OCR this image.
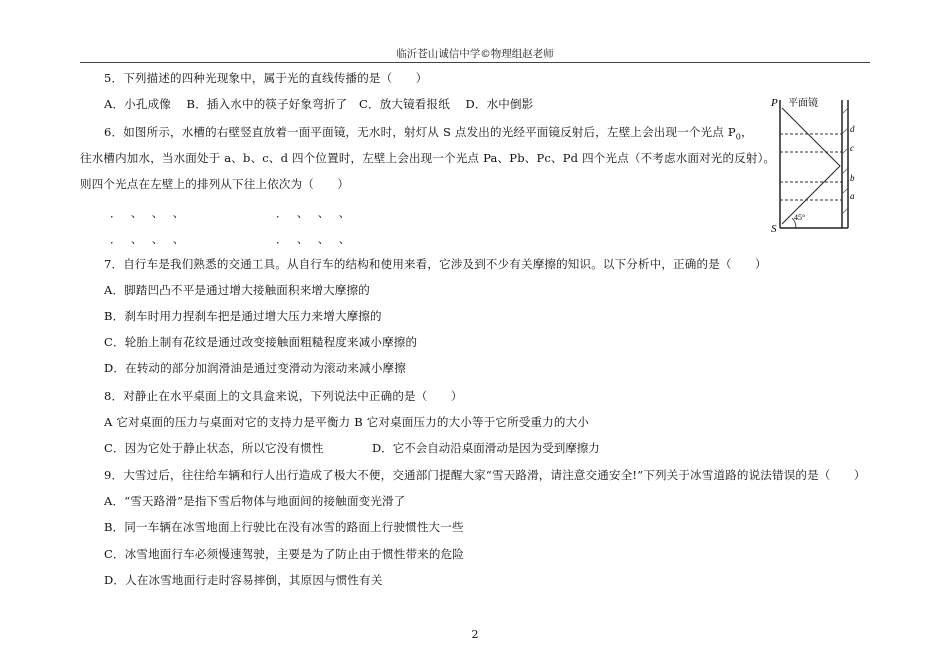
临沂苍山诚信中学©物理组赵老师
5．下列描述的四种光现象中，属于光的直线传播的是（　　）
A．小孔成像　 B．插入水中的筷子好象弯折了　C．放大镜看报纸　 D．水中倒影
6．如图所示，水槽的右壁竖直放着一面平面镜，无水时，射灯从 S 点发出的光经平面镜反射后，左壁上会出现一个光点 $P_0$，
往水槽内加水，当水面处于 a、b、c、d 四个位置时，左壁上会出现一个光点 Pa、Pb、Pc、Pd 四个光点（不考虑水面对光的反射）。
则四个光点在左壁上的排列从下往上依次为（　　）
．　 、　 、　 、	．　 、　 、　 、
．　 、　 、　 、	．　 、　 、　 、
P 平面镜
S
45°
d
c
b
a
7．自行车是我们熟悉的交通工具。从自行车的结构和使用来看，它涉及到不少有关摩擦的知识。以下分析中，正确的是（　　）
A．脚踏凹凸不平是通过增大接触面积来增大摩擦的
B．刹车时用力捏刹车把是通过增大压力来增大摩擦的
C．轮胎上制有花纹是通过改变接触面粗糙程度来减小摩擦的
D．在转动的部分加润滑油是通过变滑动为滚动来减小摩擦
8．对静止在水平桌面上的文具盒来说，下列说法中正确的是（　　）
A 它对桌面的压力与桌面对它的支持力是平衡力 B 它对桌面压力的大小等于它所受重力的大小
C．因为它处于静止状态，所以它没有惯性	D．它不会自动沿桌面滑动是因为受到摩擦力
9．大雪过后，往往给车辆和行人出行造成了极大不便，交通部门提醒大家“雪天路滑，请注意交通安全!”下列关于冰雪道路的说法错误的是（　　）
A．“雪天路滑”是指下雪后物体与地面间的接触面变光滑了
B．同一车辆在冰雪地面上行驶比在没有冰雪的路面上行驶惯性大一些
C．冰雪地面行车必须慢速驾驶，主要是为了防止由于惯性带来的危险
D．人在冰雪地面行走时容易摔倒，其原因与惯性有关
2
